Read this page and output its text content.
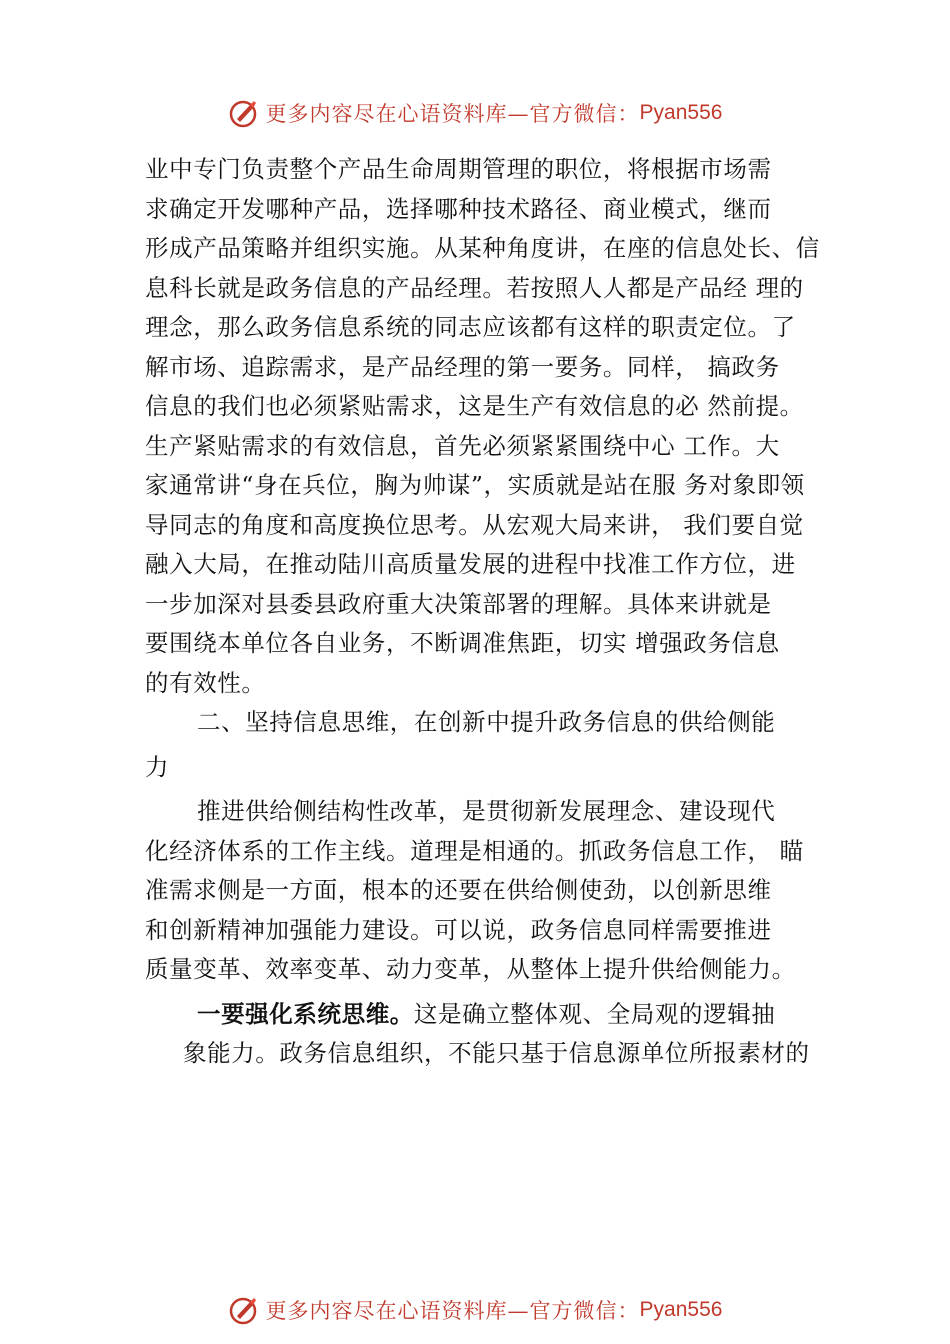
更多内容尽在心语资料库—官方微信： Pyan556
业中专门负责整个产品生命周期管理的职位，将根据市场需
求确定开发哪种产品，选择哪种技术路径、商业模式，继而
形成产品策略并组织实施。从某种角度讲，在座的信息处长、信
息科长就是政务信息的产品经理。若按照人人都是产品经 理的
理念，那么政务信息系统的同志应该都有这样的职责定位。了
解市场、追踪需求，是产品经理的第一要务。同样， 搞政务
信息的我们也必须紧贴需求，这是生产有效信息的必 然前提。
生产紧贴需求的有效信息，首先必须紧紧围绕中心 工作。大
家通常讲“身在兵位，胸为帅谋”，实质就是站在服 务对象即领
导同志的角度和高度换位思考。从宏观大局来讲， 我们要自觉
融入大局，在推动陆川高质量发展的进程中找准工作方位，进
一步加深对县委县政府重大决策部署的理解。具体来讲就是
要围绕本单位各自业务，不断调准焦距，切实 增强政务信息
的有效性。
二、坚持信息思维，在创新中提升政务信息的供给侧能
力
推进供给侧结构性改革，是贯彻新发展理念、建设现代
化经济体系的工作主线。道理是相通的。抓政务信息工作， 瞄
准需求侧是一方面，根本的还要在供给侧使劲，以创新思维
和创新精神加强能力建设。可以说，政务信息同样需要推进
质量变革、效率变革、动力变革，从整体上提升供给侧能力。
一要强化系统思维。这是确立整体观、全局观的逻辑抽
象能力。政务信息组织，不能只基于信息源单位所报素材的
更多内容尽在心语资料库—官方微信： Pyan556
